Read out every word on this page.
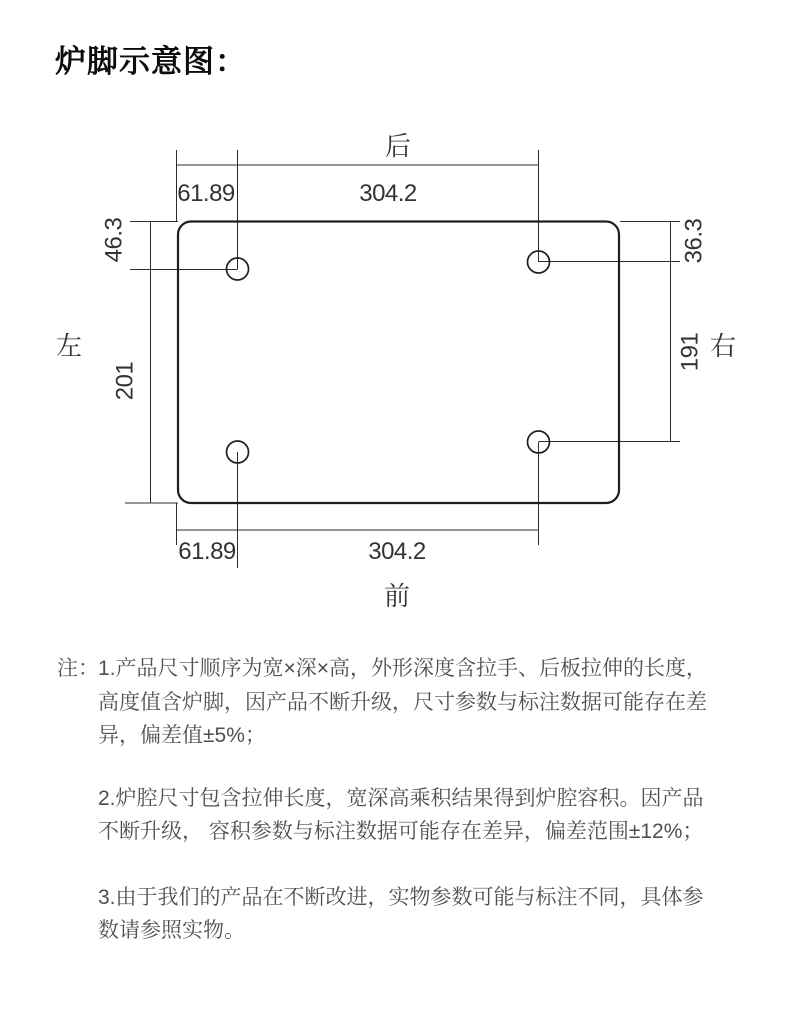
炉脚示意图：
后
前
左	右
61.89	304.2
61.89	304.2
46.3
201
36.3
191
注： 1.产品尺寸顺序为宽×深×高，外形深度含拉手、后板拉伸的长度，
高度值含炉脚，因产品不断升级，尺寸参数与标注数据可能存在差
异，偏差值±5%；
2.炉腔尺寸包含拉伸长度，宽深高乘积结果得到炉腔容积。因产品
不断升级， 容积参数与标注数据可能存在差异，偏差范围±12%；
3.由于我们的产品在不断改进，实物参数可能与标注不同，具体参
数请参照实物。
